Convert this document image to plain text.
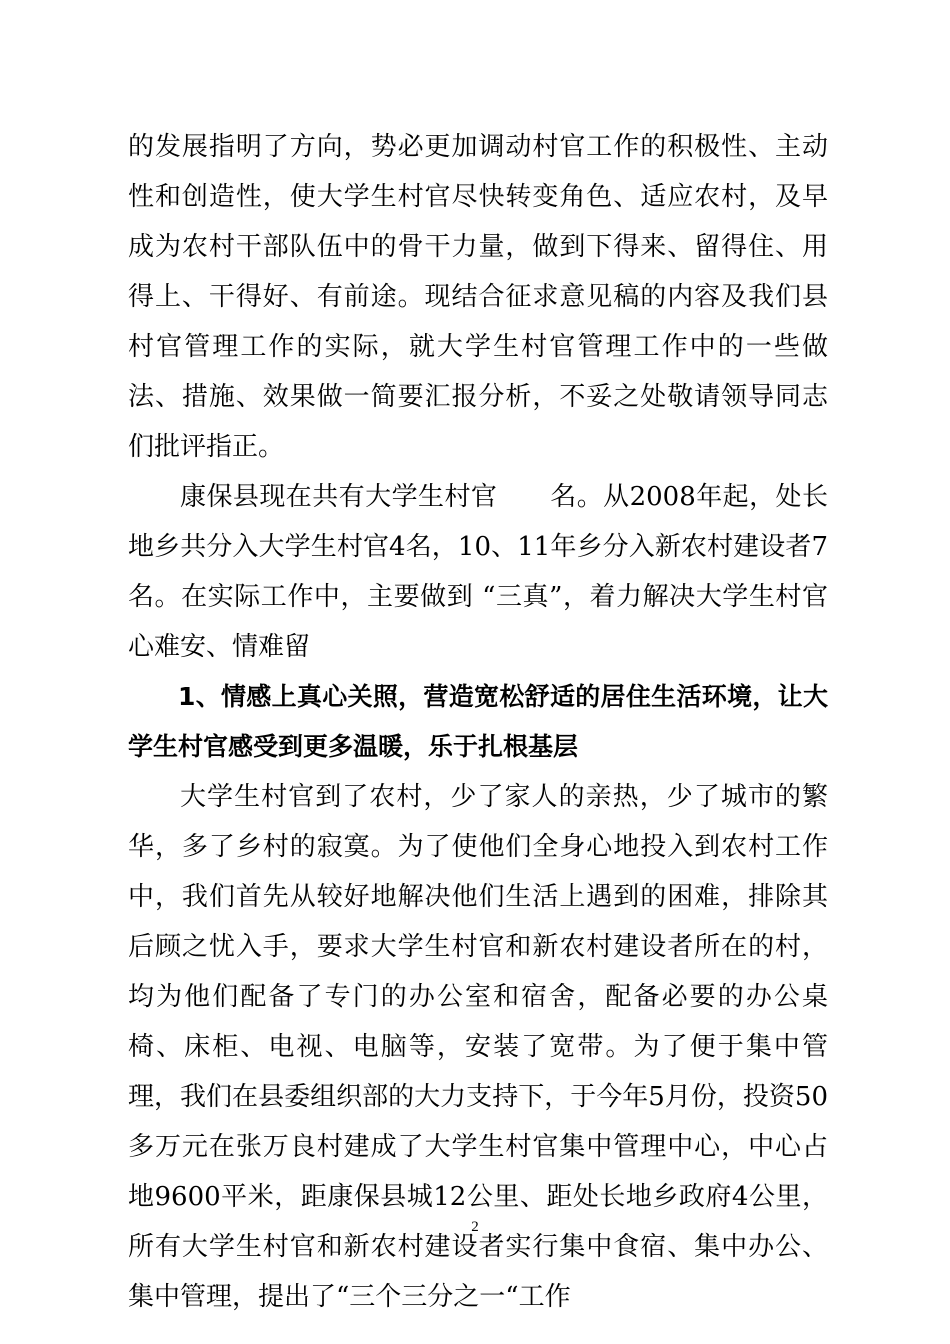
的发展指明了方向，势必更加调动村官工作的积极性、主动性和创造性，使大学生村官尽快转变角色、适应农村，及早成为农村干部队伍中的骨干力量，做到下得来、留得住、用得上、干得好、有前途。现结合征求意见稿的内容及我们县村官管理工作的实际，就大学生村官管理工作中的一些做法、措施、效果做一简要汇报分析，不妥之处敬请领导同志们批评指正。

康保县现在共有大学生村官　　名。从2008年起，处长地乡共分入大学生村官4名，10、11年乡分入新农村建设者7名。在实际工作中，主要做到 “三真”，着力解决大学生村官心难安、情难留

1、情感上真心关照，营造宽松舒适的居住生活环境，让大学生村官感受到更多温暖，乐于扎根基层

大学生村官到了农村，少了家人的亲热，少了城市的繁华，多了乡村的寂寞。为了使他们全身心地投入到农村工作中，我们首先从较好地解决他们生活上遇到的困难，排除其后顾之忧入手，要求大学生村官和新农村建设者所在的村，均为他们配备了专门的办公室和宿舍，配备必要的办公桌椅、床柜、电视、电脑等，安装了宽带。为了便于集中管理，我们在县委组织部的大力支持下，于今年5月份，投资50多万元在张万良村建成了大学生村官集中管理中心，中心占地9600平米，距康保县城12公里、距处长地乡政府4公里，所有大学生村官和新农村建设者实行集中食宿、集中办公、集中管理，提出了“三个三分之一“工作

2
